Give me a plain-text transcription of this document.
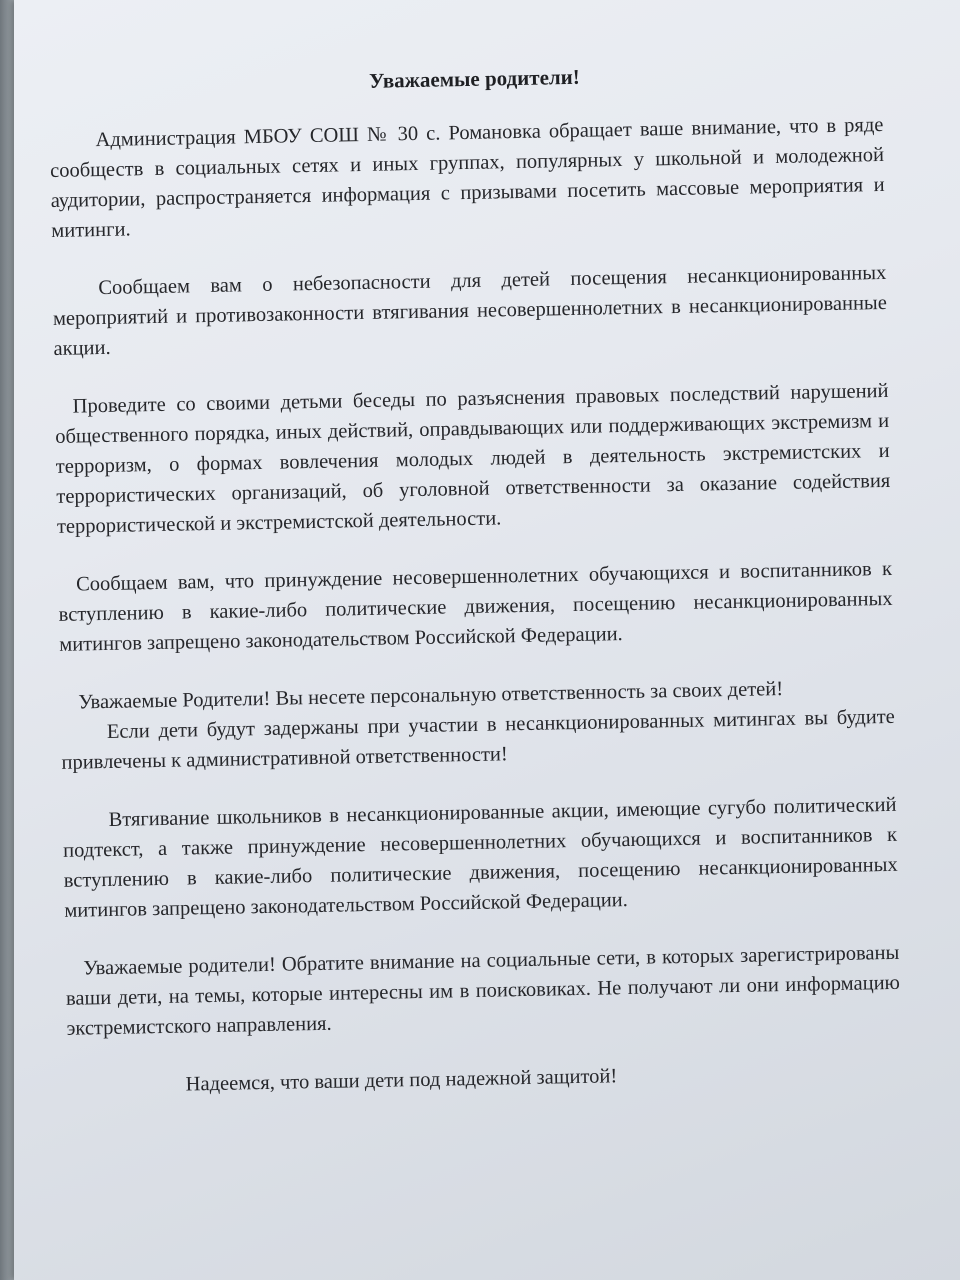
Уважаемые родители!

Администрация МБОУ СОШ № 30 с. Романовка обращает ваше внимание, что в ряде сообществ в социальных сетях и иных группах, популярных у школьной и молодежной аудитории, распространяется информация с призывами посетить массовые мероприятия и митинги.

Сообщаем вам о небезопасности для детей посещения несанкционированных мероприятий и противозаконности втягивания несовершеннолетних в несанкционированные акции.

Проведите со своими детьми беседы по разъяснения правовых последствий нарушений общественного порядка, иных действий, оправдывающих или поддерживающих экстремизм и терроризм, о формах вовлечения молодых людей в деятельность экстремистских и террористических организаций, об уголовной ответственности за оказание содействия террористической и экстремистской деятельности.

Сообщаем вам, что принуждение несовершеннолетних обучающихся и воспитанников к вступлению в какие-либо политические движения, посещению несанкционированных митингов запрещено законодательством Российской Федерации.

Уважаемые Родители! Вы несете персональную ответственность за своих детей!

Если дети будут задержаны при участии в несанкционированных митингах вы будите привлечены к административной ответственности!

Втягивание школьников в несанкционированные акции, имеющие сугубо политический подтекст, а также принуждение несовершеннолетних обучающихся и воспитанников к вступлению в какие-либо политические движения, посещению несанкционированных митингов запрещено законодательством Российской Федерации.

Уважаемые родители! Обратите внимание на социальные сети, в которых зарегистрированы ваши дети, на темы, которые интересны им в поисковиках. Не получают ли они информацию экстремистского направления.

Надеемся, что ваши дети под надежной защитой!
